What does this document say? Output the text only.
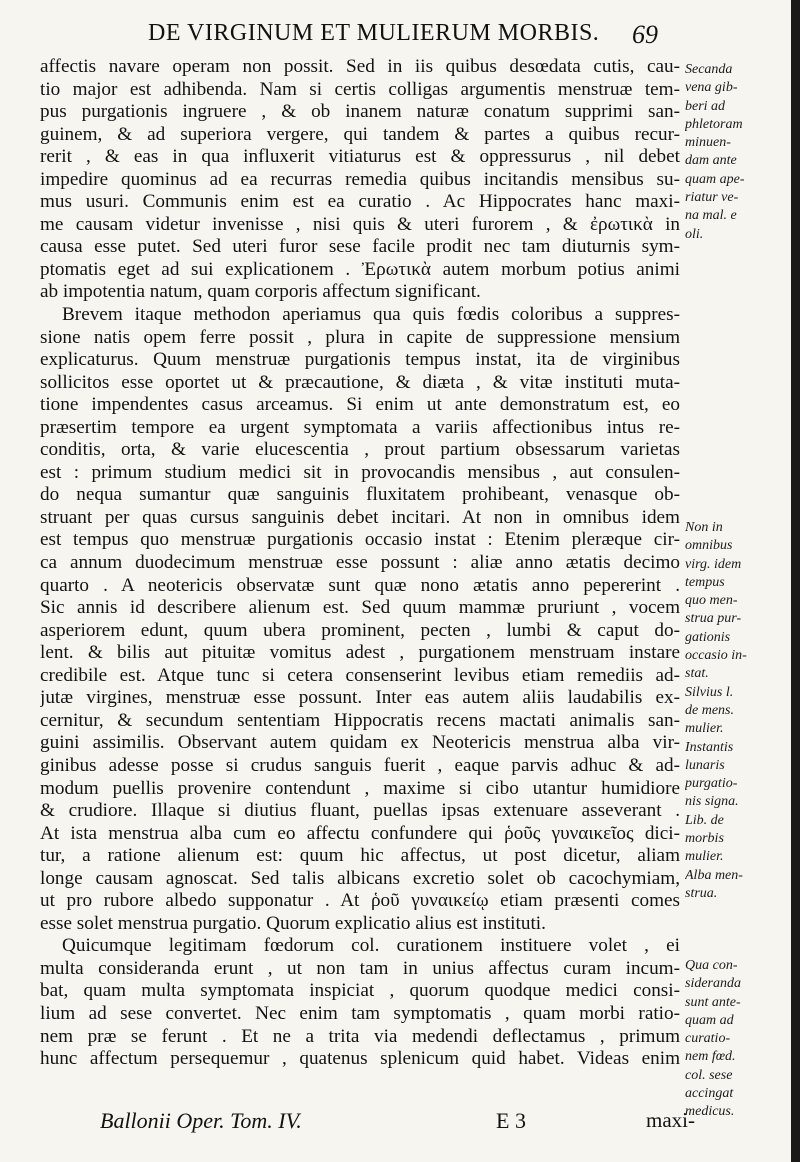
DE VIRGINUM ET MULIERUM MORBIS. 69
affectis navare operam non possit. Sed in iis quibus desœdata cutis, cau-
tio major est adhibenda. Nam si certis colligas argumentis menstruæ tem-
pus purgationis ingruere , & ob inanem naturæ conatum supprimi san-
guinem, & ad superiora vergere, qui tandem & partes a quibus recur-
rerit , & eas in qua influxerit vitiaturus est & oppressurus , nil debet
impedire quominus ad ea recurras remedia quibus incitandis mensibus su-
mus usuri. Communis enim est ea curatio . Ac Hippocrates hanc maxi-
me causam videtur invenisse , nisi quis & uteri furorem , & ἐρωτικὰ in
causa esse putet. Sed uteri furor sese facile prodit nec tam diuturnis sym-
ptomatis eget ad sui explicationem . Ἐρωτικὰ autem morbum potius animi
ab impotentia natum, quam corporis affectum significant.
Brevem itaque methodon aperiamus qua quis fœdis coloribus a suppres-
sione natis opem ferre possit , plura in capite de suppressione mensium
explicaturus. Quum menstruæ purgationis tempus instat, ita de virginibus
sollicitos esse oportet ut & præcautione, & diæta , & vitæ instituti muta-
tione impendentes casus arceamus. Si enim ut ante demonstratum est, eo
præsertim tempore ea urgent symptomata a variis affectionibus intus re-
conditis, orta, & varie elucescentia , prout partium obsessarum varietas
est : primum studium medici sit in provocandis mensibus , aut consulen-
do nequa sumantur quæ sanguinis fluxitatem prohibeant, venasque ob-
struant per quas cursus sanguinis debet incitari. At non in omnibus idem
est tempus quo menstruæ purgationis occasio instat : Etenim pleræque cir-
ca annum duodecimum menstruæ esse possunt : aliæ anno ætatis decimo
quarto . A neotericis observatæ sunt quæ nono ætatis anno pepererint .
Sic annis id describere alienum est. Sed quum mammæ pruriunt , vocem
asperiorem edunt, quum ubera prominent, pecten , lumbi & caput do-
lent. & bilis aut pituitæ vomitus adest , purgationem menstruam instare
credibile est. Atque tunc si cetera consenserint levibus etiam remediis ad-
jutæ virgines, menstruæ esse possunt. Inter eas autem aliis laudabilis ex-
cernitur, & secundum sententiam Hippocratis recens mactati animalis san-
guini assimilis. Observant autem quidam ex Neotericis menstrua alba vir-
ginibus adesse posse si crudus sanguis fuerit , eaque parvis adhuc & ad-
modum puellis provenire contendunt , maxime si cibo utantur humidiore
& crudiore. Illaque si diutius fluant, puellas ipsas extenuare asseverant .
At ista menstrua alba cum eo affectu confundere qui ῥοῦς γυναικεῖος dici-
tur, a ratione alienum est: quum hic affectus, ut post dicetur, aliam
longe causam agnoscat. Sed talis albicans excretio solet ob cacochymiam,
ut pro rubore albedo supponatur . At ῥοῦ γυναικείῳ etiam præsenti comes
esse solet menstrua purgatio. Quorum explicatio alius est instituti.
Quicumque legitimam fœdorum col. curationem instituere volet , ei
multa consideranda erunt , ut non tam in unius affectus curam incum-
bat, quam multa symptomata inspiciat , quorum quodque medici consi-
lium ad sese convertet. Nec enim tam symptomatis , quam morbi ratio-
nem præ se ferunt . Et ne a trita via medendi deflectamus , primum
hunc affectum persequemur , quatenus splenicum quid habet. Videas enim
Secanda
vena gib-
beri ad
phletoram
minuen-
dam ante
quam ape-
riatur ve-
na mal. e
oli.
Non in
omnibus
virg. idem
tempus
quo men-
strua pur-
gationis
occasio in-
stat.
Silvius l.
de mens.
mulier.
Instantis
lunaris
purgatio-
nis signa.
Lib. de
morbis
mulier.
Alba men-
strua.
Qua con-
sideranda
sunt ante-
quam ad
curatio-
nem fœd.
col. sese
accingat
medicus.
Ballonii Oper. Tom. IV.	E 3	maxi-
